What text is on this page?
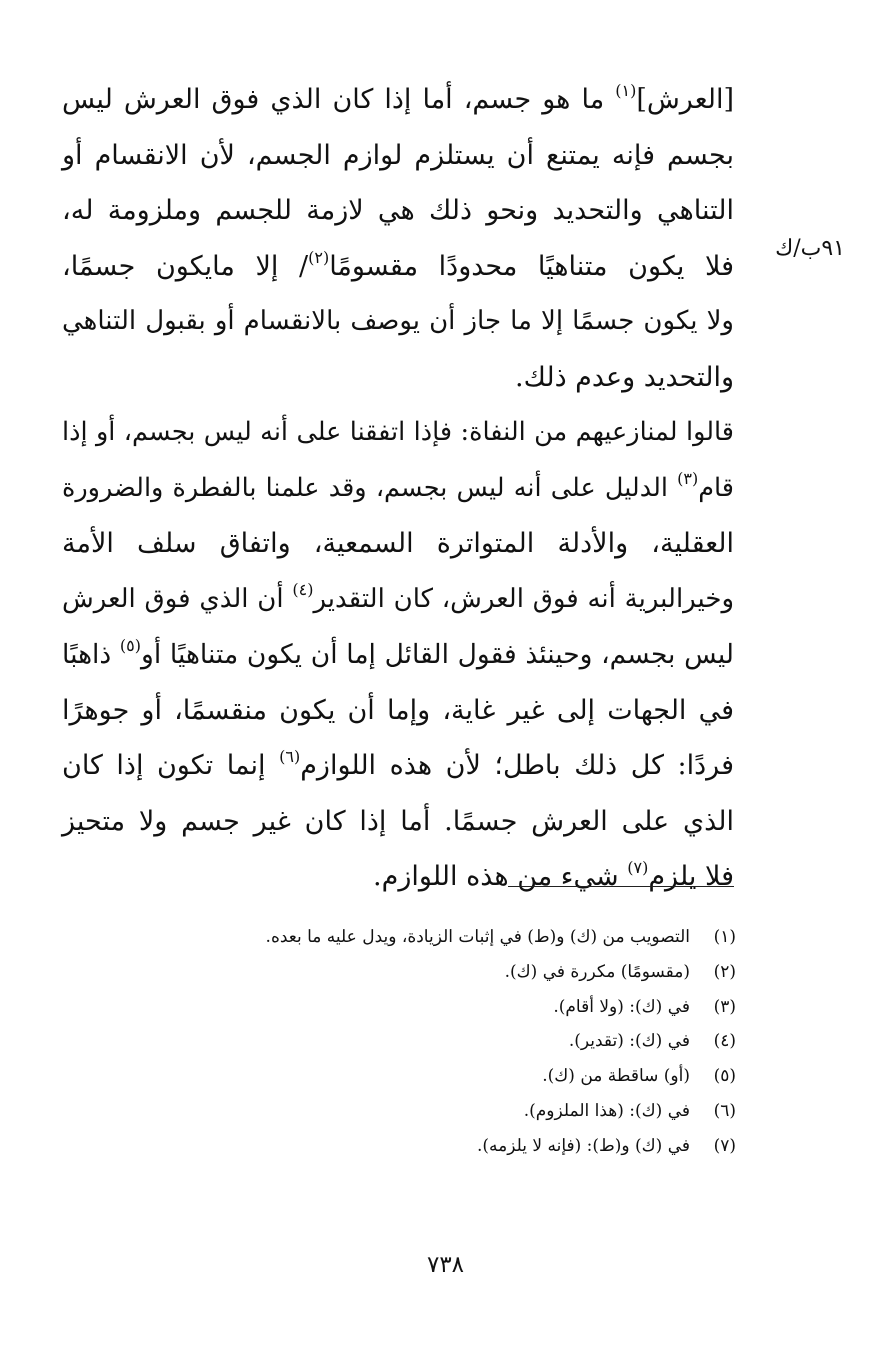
[العرش]$^{(١)}$ ما هو جسم، أما إذا كان الذي فوق العرش ليس
بجسم فإنه يمتنع أن يستلزم لوازم الجسم، لأن الانقسام أو
التناهي والتحديد ونحو ذلك هي لازمة للجسم وملزومة له،
فلا يكون متناهيًا محدودًا مقسومًا$^{(٢)}$/ إلا مايكون جسمًا،
ولا يكون جسمًا إلا ما جاز أن يوصف بالانقسام أو بقبول التناهي
والتحديد وعدم ذلك.
قالوا لمنازعيهم من النفاة: فإذا اتفقنا على أنه ليس بجسم، أو إذا
قام$^{(٣)}$ الدليل على أنه ليس بجسم، وقد علمنا بالفطرة والضرورة
العقلية، والأدلة المتواترة السمعية، واتفاق سلف الأمة
وخيرالبرية أنه فوق العرش، كان التقدير$^{(٤)}$ أن الذي فوق العرش
ليس بجسم، وحينئذ فقول القائل إما أن يكون متناهيًا أو$^{(٥)}$ ذاهبًا
في الجهات إلى غير غاية، وإما أن يكون منقسمًا، أو جوهرًا
فردًا: كل ذلك باطل؛ لأن هذه اللوازم$^{(٦)}$ إنما تكون إذا كان
الذي على العرش جسمًا. أما إذا كان غير جسم ولا متحيز
فلا يلزم$^{(٧)}$ شيء من هذه اللوازم.
٩١ب/ك
(١)التصويب من (ك) و(ط) في إثبات الزيادة، ويدل عليه ما بعده.
(٢)(مقسومًا) مكررة في (ك).
(٣)في (ك): (ولا أقام).
(٤)في (ك): (تقدير).
(٥)(أو) ساقطة من (ك).
(٦)في (ك): (هذا الملزوم).
(٧)في (ك) و(ط): (فإنه لا يلزمه).
٧٣٨
